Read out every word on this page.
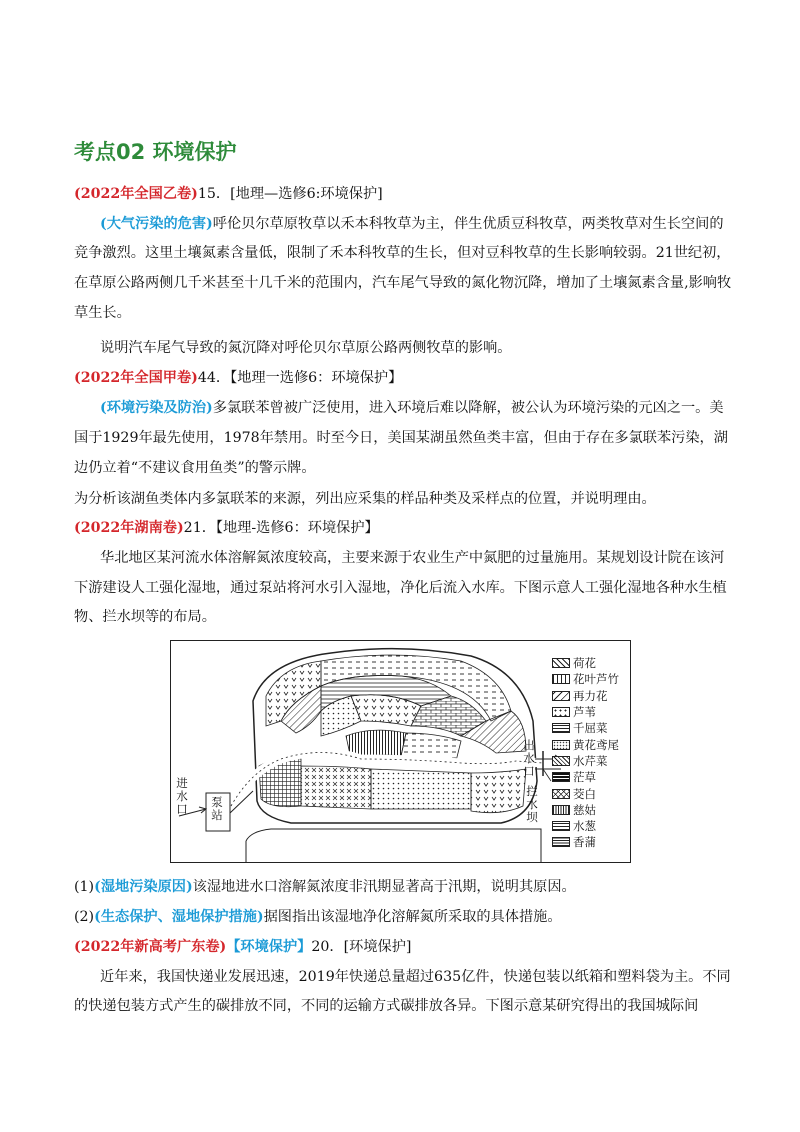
考点02 环境保护
(2022年全国乙卷)15．[地理—选修6:环境保护]
(大气污染的危害)呼伦贝尔草原牧草以禾本科牧草为主，伴生优质豆科牧草，两类牧草对生长空间的
竞争激烈。这里土壤氮素含量低，限制了禾本科牧草的生长，但对豆科牧草的生长影响较弱。21世纪初，
在草原公路两侧几千米甚至十几千米的范围内，汽车尾气导致的氮化物沉降，增加了土壤氮素含量,影响牧
草生长。
说明汽车尾气导致的氮沉降对呼伦贝尔草原公路两侧牧草的影响。
(2022年全国甲卷)44．【地理一选修6：环境保护】
(环境污染及防治)多氯联苯曾被广泛使用，进入环境后难以降解，被公认为环境污染的元凶之一。美
国于1929年最先使用，1978年禁用。时至今日，美国某湖虽然鱼类丰富，但由于存在多氯联苯污染，湖
边仍立着“不建议食用鱼类”的警示牌。
为分析该湖鱼类体内多氯联苯的来源，列出应采集的样品种类及采样点的位置，并说明理由。
(2022年湖南卷)21．【地理-选修6：环境保护】
华北地区某河流水体溶解氮浓度较高，主要来源于农业生产中氮肥的过量施用。某规划设计院在该河
下游建设人工强化湿地，通过泵站将河水引入湿地，净化后流入水库。下图示意人工强化湿地各种水生植
物、拦水坝等的布局。
进水口 泵站
出水口
拦水坝
荷花
花叶芦竹
再力花
芦苇
千屈菜
黄花鸢尾
水芹菜
茫草
茭白
慈姑
水葱
香蒲
(1)(湿地污染原因)该湿地进水口溶解氮浓度非汛期显著高于汛期，说明其原因。
(2)(生态保护、湿地保护措施)据图指出该湿地净化溶解氮所采取的具体措施。
(2022年新高考广东卷)【环境保护】20．[环境保护]
近年来，我国快递业发展迅速，2019年快递总量超过635亿件，快递包装以纸箱和塑料袋为主。不同
的快递包装方式产生的碳排放不同，不同的运输方式碳排放各异。下图示意某研究得出的我国城际间
